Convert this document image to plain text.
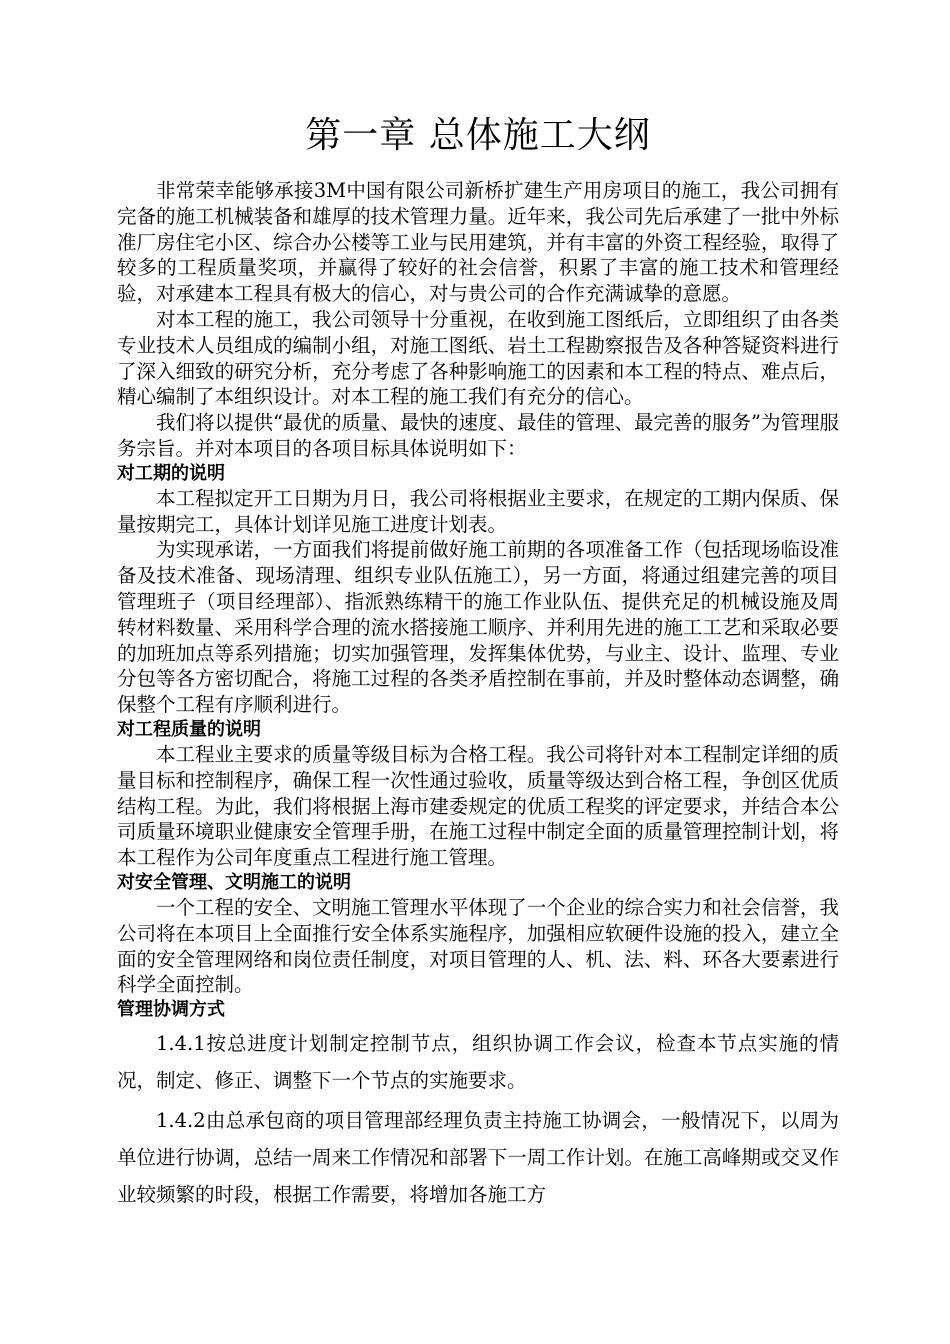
第一章 总体施工大纲

非常荣幸能够承接3M中国有限公司新桥扩建生产用房项目的施工，我公司拥有完备的施工机械装备和雄厚的技术管理力量。近年来，我公司先后承建了一批中外标准厂房住宅小区、综合办公楼等工业与民用建筑，并有丰富的外资工程经验，取得了较多的工程质量奖项，并赢得了较好的社会信誉，积累了丰富的施工技术和管理经验，对承建本工程具有极大的信心，对与贵公司的合作充满诚挚的意愿。

对本工程的施工，我公司领导十分重视，在收到施工图纸后，立即组织了由各类专业技术人员组成的编制小组，对施工图纸、岩土工程勘察报告及各种答疑资料进行了深入细致的研究分析，充分考虑了各种影响施工的因素和本工程的特点、难点后，精心编制了本组织设计。对本工程的施工我们有充分的信心。

我们将以提供“最优的质量、最快的速度、最佳的管理、最完善的服务”为管理服务宗旨。并对本项目的各项目标具体说明如下：

对工期的说明

本工程拟定开工日期为月日，我公司将根据业主要求，在规定的工期内保质、保量按期完工，具体计划详见施工进度计划表。

为实现承诺，一方面我们将提前做好施工前期的各项准备工作（包括现场临设准备及技术准备、现场清理、组织专业队伍施工），另一方面，将通过组建完善的项目管理班子（项目经理部）、指派熟练精干的施工作业队伍、提供充足的机械设施及周转材料数量、采用科学合理的流水搭接施工顺序、并利用先进的施工工艺和采取必要的加班加点等系列措施；切实加强管理，发挥集体优势，与业主、设计、监理、专业分包等各方密切配合，将施工过程的各类矛盾控制在事前，并及时整体动态调整，确保整个工程有序顺利进行。

对工程质量的说明

本工程业主要求的质量等级目标为合格工程。我公司将针对本工程制定详细的质量目标和控制程序，确保工程一次性通过验收，质量等级达到合格工程，争创区优质结构工程。为此，我们将根据上海市建委规定的优质工程奖的评定要求，并结合本公司质量环境职业健康安全管理手册，在施工过程中制定全面的质量管理控制计划，将本工程作为公司年度重点工程进行施工管理。

对安全管理、文明施工的说明

一个工程的安全、文明施工管理水平体现了一个企业的综合实力和社会信誉，我公司将在本项目上全面推行安全体系实施程序，加强相应软硬件设施的投入，建立全面的安全管理网络和岗位责任制度，对项目管理的人、机、法、料、环各大要素进行科学全面控制。

管理协调方式

1.4.1按总进度计划制定控制节点，组织协调工作会议，检查本节点实施的情况，制定、修正、调整下一个节点的实施要求。

1.4.2由总承包商的项目管理部经理负责主持施工协调会，一般情况下，以周为单位进行协调，总结一周来工作情况和部署下一周工作计划。在施工高峰期或交叉作业较频繁的时段，根据工作需要，将增加各施工方
